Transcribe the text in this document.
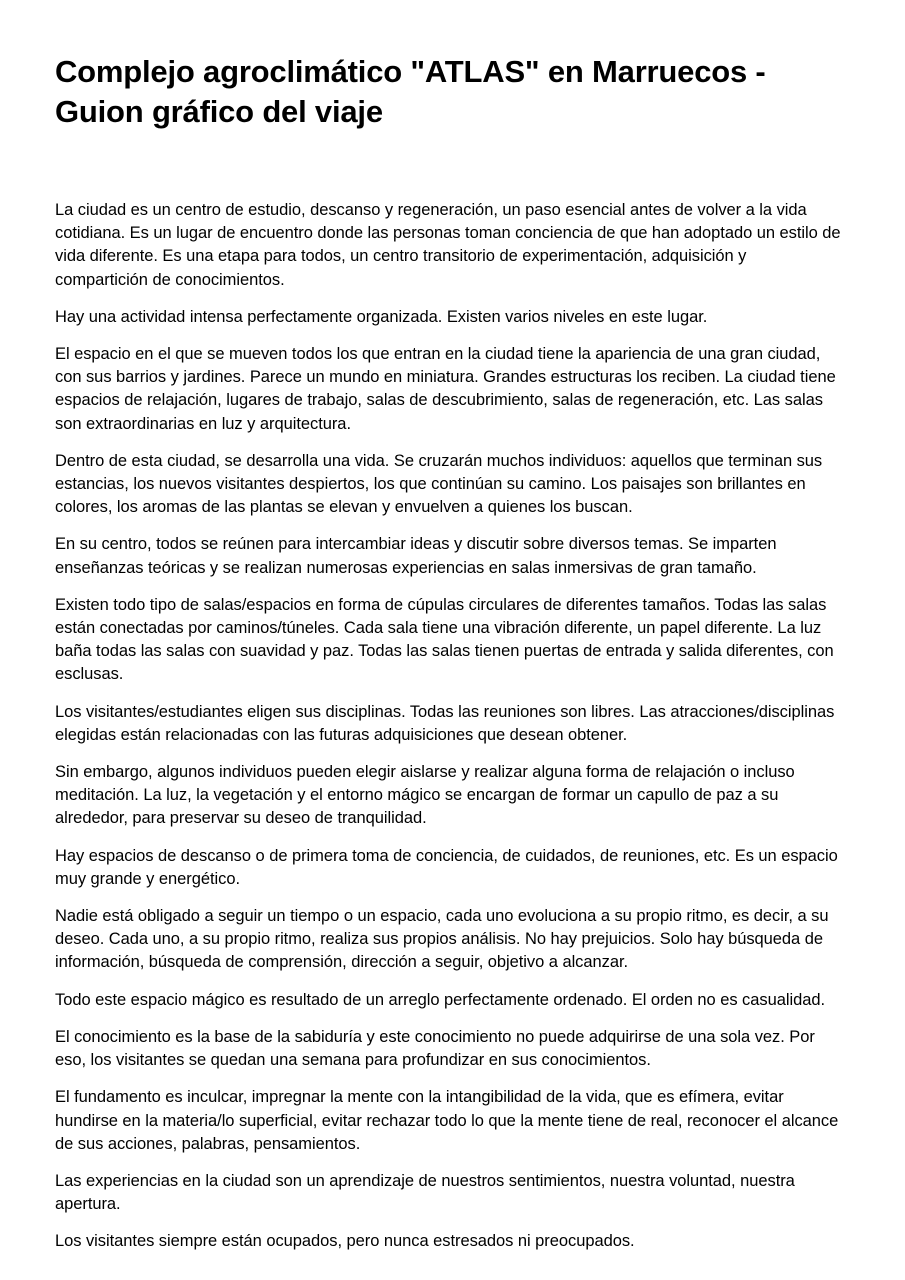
Complejo agroclimático "ATLAS" en Marruecos - Guion gráfico del viaje

La ciudad es un centro de estudio, descanso y regeneración, un paso esencial antes de volver a la vida cotidiana. Es un lugar de encuentro donde las personas toman conciencia de que han adoptado un estilo de vida diferente. Es una etapa para todos, un centro transitorio de experimentación, adquisición y compartición de conocimientos.

Hay una actividad intensa perfectamente organizada. Existen varios niveles en este lugar.

El espacio en el que se mueven todos los que entran en la ciudad tiene la apariencia de una gran ciudad, con sus barrios y jardines. Parece un mundo en miniatura. Grandes estructuras los reciben. La ciudad tiene espacios de relajación, lugares de trabajo, salas de descubrimiento, salas de regeneración, etc. Las salas son extraordinarias en luz y arquitectura.

Dentro de esta ciudad, se desarrolla una vida. Se cruzarán muchos individuos: aquellos que terminan sus estancias, los nuevos visitantes despiertos, los que continúan su camino. Los paisajes son brillantes en colores, los aromas de las plantas se elevan y envuelven a quienes los buscan.

En su centro, todos se reúnen para intercambiar ideas y discutir sobre diversos temas. Se imparten enseñanzas teóricas y se realizan numerosas experiencias en salas inmersivas de gran tamaño.

Existen todo tipo de salas/espacios en forma de cúpulas circulares de diferentes tamaños. Todas las salas están conectadas por caminos/túneles. Cada sala tiene una vibración diferente, un papel diferente. La luz baña todas las salas con suavidad y paz. Todas las salas tienen puertas de entrada y salida diferentes, con esclusas.

Los visitantes/estudiantes eligen sus disciplinas. Todas las reuniones son libres. Las atracciones/disciplinas elegidas están relacionadas con las futuras adquisiciones que desean obtener.

Sin embargo, algunos individuos pueden elegir aislarse y realizar alguna forma de relajación o incluso meditación. La luz, la vegetación y el entorno mágico se encargan de formar un capullo de paz a su alrededor, para preservar su deseo de tranquilidad.

Hay espacios de descanso o de primera toma de conciencia, de cuidados, de reuniones, etc. Es un espacio muy grande y energético.

Nadie está obligado a seguir un tiempo o un espacio, cada uno evoluciona a su propio ritmo, es decir, a su deseo. Cada uno, a su propio ritmo, realiza sus propios análisis. No hay prejuicios. Solo hay búsqueda de información, búsqueda de comprensión, dirección a seguir, objetivo a alcanzar.

Todo este espacio mágico es resultado de un arreglo perfectamente ordenado. El orden no es casualidad.

El conocimiento es la base de la sabiduría y este conocimiento no puede adquirirse de una sola vez. Por eso, los visitantes se quedan una semana para profundizar en sus conocimientos.

El fundamento es inculcar, impregnar la mente con la intangibilidad de la vida, que es efímera, evitar hundirse en la materia/lo superficial, evitar rechazar todo lo que la mente tiene de real, reconocer el alcance de sus acciones, palabras, pensamientos.

Las experiencias en la ciudad son un aprendizaje de nuestros sentimientos, nuestra voluntad, nuestra apertura.

Los visitantes siempre están ocupados, pero nunca estresados ni preocupados.
